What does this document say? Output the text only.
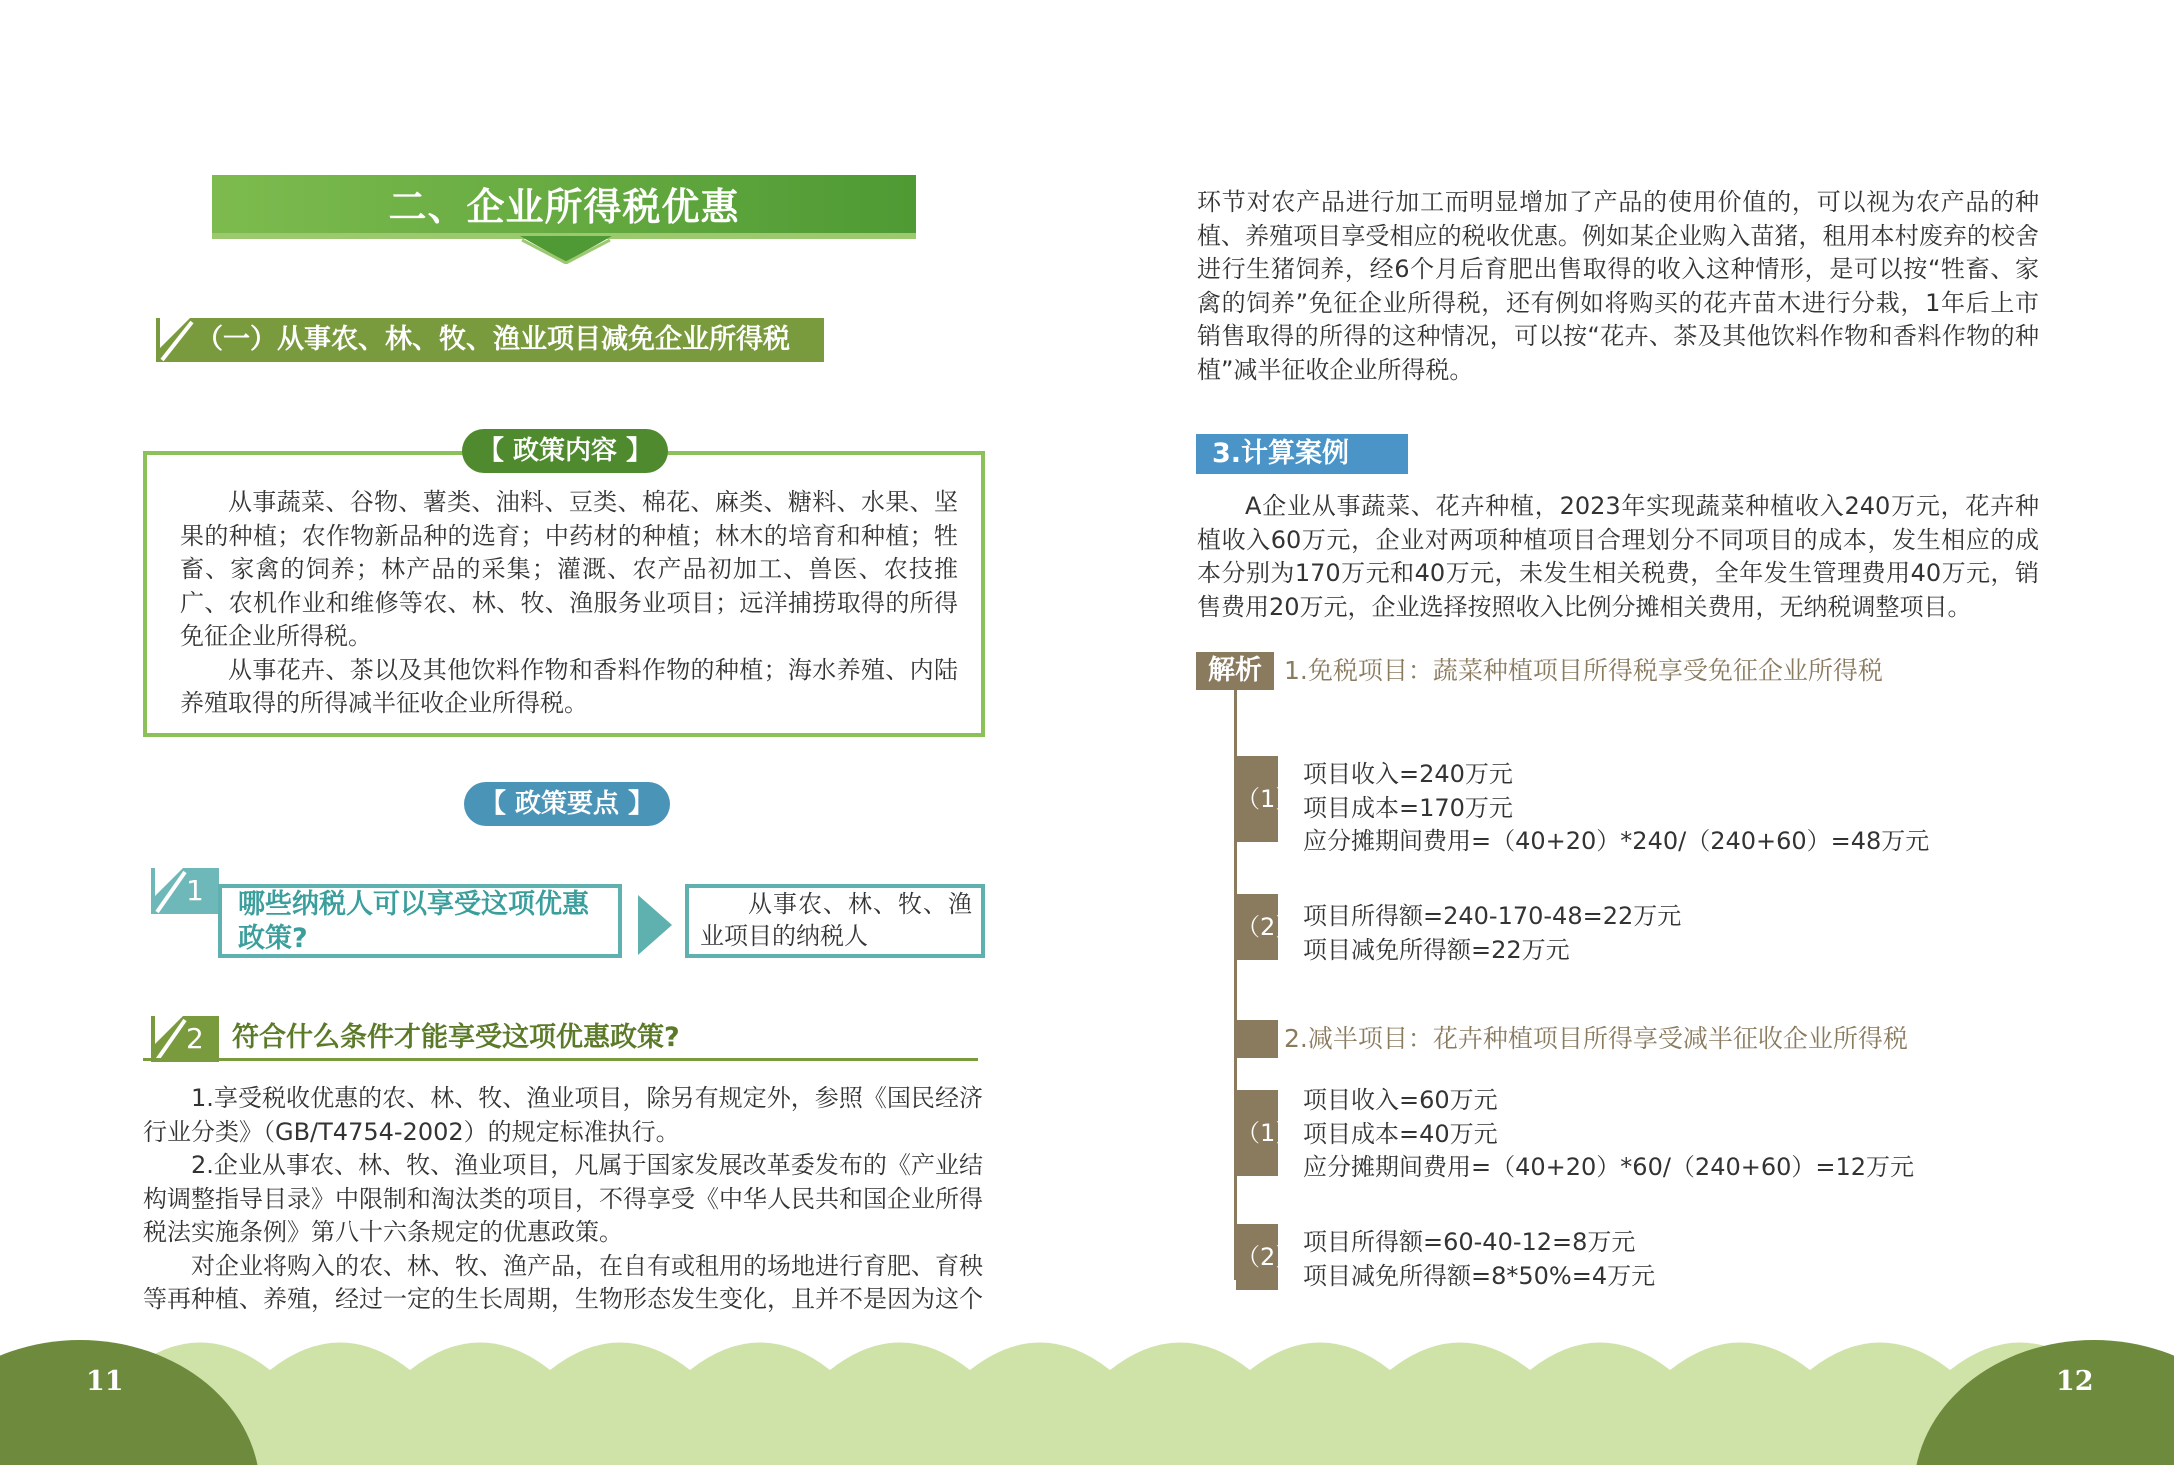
二、企业所得税优惠
（一）从事农、林、牧、渔业项目减免企业所得税
【 政策内容 】

从事蔬菜、谷物、薯类、油料、豆类、棉花、麻类、糖料、水果、坚果的种植；农作物新品种的选育；中药材的种植；林木的培育和种植；牲畜、家禽的饲养；林产品的采集；灌溉、农产品初加工、兽医、农技推广、农机作业和维修等农、林、牧、渔服务业项目；远洋捕捞取得的所得免征企业所得税。

从事花卉、茶以及其他饮料作物和香料作物的种植；海水养殖、内陆养殖取得的所得减半征收企业所得税。

【 政策要点 】
1 哪些纳税人可以享受这项优惠政策?
从事农、林、牧、渔业项目的纳税人
2 符合什么条件才能享受这项优惠政策?

1.享受税收优惠的农、林、牧、渔业项目，除另有规定外，参照《国民经济行业分类》（GB/T4754-2002）的规定标准执行。

2.企业从事农、林、牧、渔业项目，凡属于国家发展改革委发布的《产业结构调整指导目录》中限制和淘汰类的项目，不得享受《中华人民共和国企业所得税法实施条例》第八十六条规定的优惠政策。

对企业将购入的农、林、牧、渔产品，在自有或租用的场地进行育肥、育秧等再种植、养殖，经过一定的生长周期，生物形态发生变化，且并不是因为这个

环节对农产品进行加工而明显增加了产品的使用价值的，可以视为农产品的种植、养殖项目享受相应的税收优惠。例如某企业购入苗猪，租用本村废弃的校舍进行生猪饲养，经6个月后育肥出售取得的收入这种情形，是可以按“牲畜、家禽的饲养”免征企业所得税，还有例如将购买的花卉苗木进行分栽，1年后上市销售取得的所得的这种情况，可以按“花卉、茶及其他饮料作物和香料作物的种植”减半征收企业所得税。

3.计算案例

A企业从事蔬菜、花卉种植，2023年实现蔬菜种植收入240万元，花卉种植收入60万元，企业对两项种植项目合理划分不同项目的成本，发生相应的成本分别为170万元和40万元，未发生相关税费，全年发生管理费用40万元，销售费用20万元，企业选择按照收入比例分摊相关费用，无纳税调整项目。

解析 1.免税项目：蔬菜种植项目所得税享受免征企业所得税
（1）
项目收入=240万元
项目成本=170万元
应分摊期间费用=（40+20）*240/（240+60）=48万元
（2） 项目所得额=240-170-48=22万元
项目减免所得额=22万元
2.减半项目：花卉种植项目所得享受减半征收企业所得税
（1）
项目收入=60万元
项目成本=40万元
应分摊期间费用=（40+20）*60/（240+60）=12万元
（2）
项目所得额=60-40-12=8万元
项目减免所得额=8*50%=4万元
11	12
